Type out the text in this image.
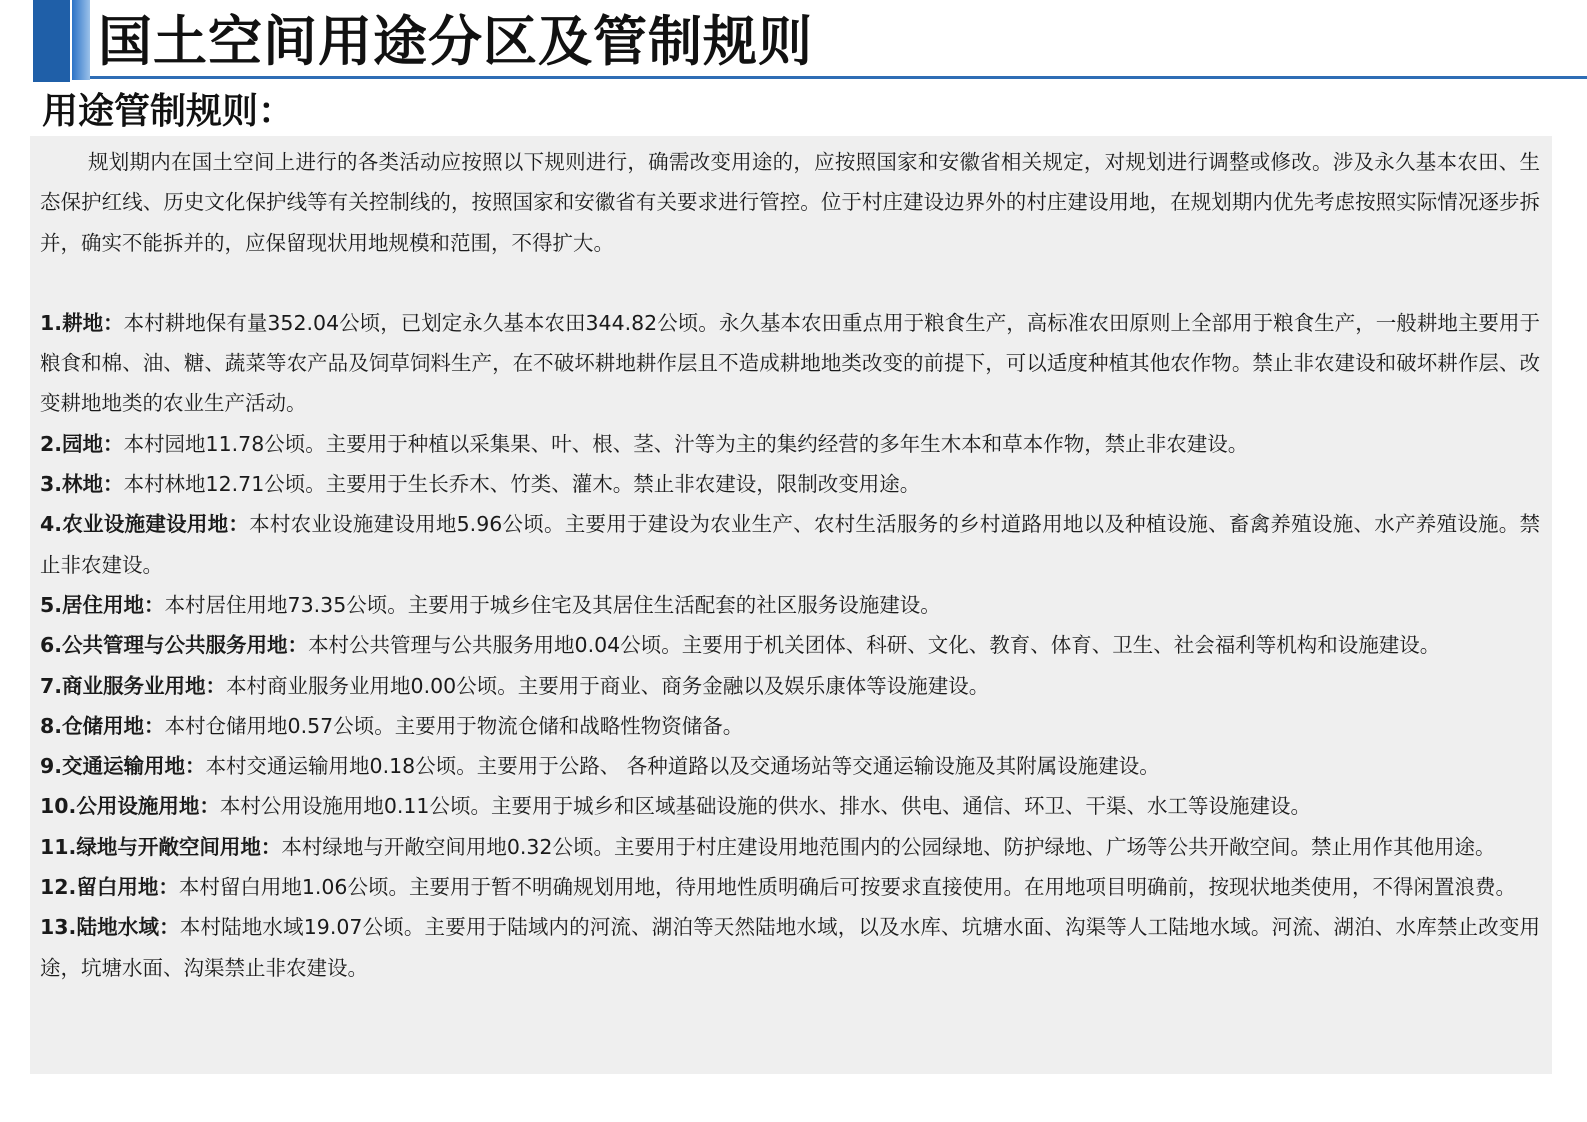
国土空间用途分区及管制规则
用途管制规则：

规划期内在国土空间上进行的各类活动应按照以下规则进行，确需改变用途的，应按照国家和安徽省相关规定，对规划进行调整或修改。涉及永久基本农田、生态保护红线、历史文化保护线等有关控制线的，按照国家和安徽省有关要求进行管控。位于村庄建设边界外的村庄建设用地，在规划期内优先考虑按照实际情况逐步拆并，确实不能拆并的，应保留现状用地规模和范围，不得扩大。

1.耕地：本村耕地保有量352.04公顷，已划定永久基本农田344.82公顷。永久基本农田重点用于粮食生产，高标准农田原则上全部用于粮食生产，一般耕地主要用于粮食和棉、油、糖、蔬菜等农产品及饲草饲料生产，在不破坏耕地耕作层且不造成耕地地类改变的前提下，可以适度种植其他农作物。禁止非农建设和破坏耕作层、改变耕地地类的农业生产活动。

2.园地：本村园地11.78公顷。主要用于种植以采集果、叶、根、茎、汁等为主的集约经营的多年生木本和草本作物，禁止非农建设。

3.林地：本村林地12.71公顷。主要用于生长乔木、竹类、灌木。禁止非农建设，限制改变用途。

4.农业设施建设用地：本村农业设施建设用地5.96公顷。主要用于建设为农业生产、农村生活服务的乡村道路用地以及种植设施、畜禽养殖设施、水产养殖设施。禁止非农建设。

5.居住用地：本村居住用地73.35公顷。主要用于城乡住宅及其居住生活配套的社区服务设施建设。

6.公共管理与公共服务用地：本村公共管理与公共服务用地0.04公顷。主要用于机关团体、科研、文化、教育、体育、卫生、社会福利等机构和设施建设。

7.商业服务业用地：本村商业服务业用地0.00公顷。主要用于商业、商务金融以及娱乐康体等设施建设。

8.仓储用地：本村仓储用地0.57公顷。主要用于物流仓储和战略性物资储备。

9.交通运输用地：本村交通运输用地0.18公顷。主要用于公路、 各种道路以及交通场站等交通运输设施及其附属设施建设。

10.公用设施用地：本村公用设施用地0.11公顷。主要用于城乡和区域基础设施的供水、排水、供电、通信、环卫、干渠、水工等设施建设。

11.绿地与开敞空间用地：本村绿地与开敞空间用地0.32公顷。主要用于村庄建设用地范围内的公园绿地、防护绿地、广场等公共开敞空间。禁止用作其他用途。

12.留白用地：本村留白用地1.06公顷。主要用于暂不明确规划用地，待用地性质明确后可按要求直接使用。在用地项目明确前，按现状地类使用，不得闲置浪费。

13.陆地水域：本村陆地水域19.07公顷。主要用于陆域内的河流、湖泊等天然陆地水域，以及水库、坑塘水面、沟渠等人工陆地水域。河流、湖泊、水库禁止改变用途，坑塘水面、沟渠禁止非农建设。
